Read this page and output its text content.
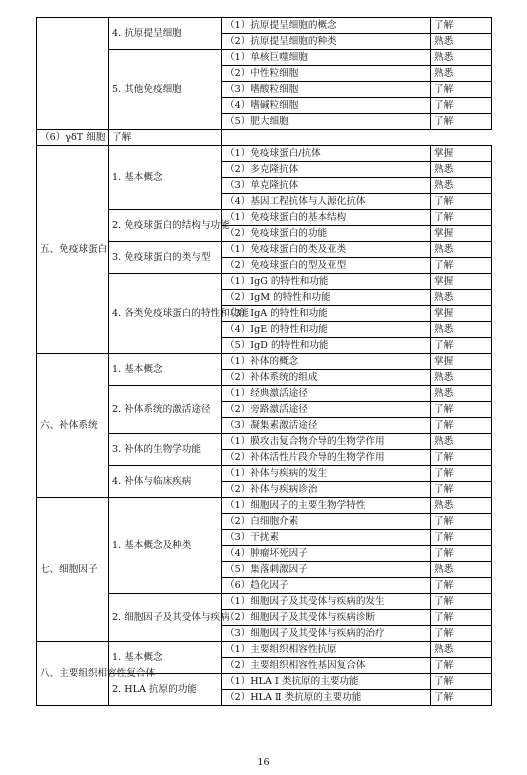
	4. 抗原提呈细胞	（1）抗原提呈细胞的概念	了解
		（2）抗原提呈细胞的种类	熟悉
	5. 其他免疫细胞	（1）单核巨噬细胞	熟悉
		（2）中性粒细胞	熟悉
		（3）嗜酸粒细胞	了解
		（4）嗜碱粒细胞	了解
		（5）肥大细胞	了解
（6）γδT 细胞	了解		
五、免疫球蛋白	1. 基本概念	（1）免疫球蛋白/抗体	掌握
		（2）多克隆抗体	熟悉
		（3）单克隆抗体	熟悉
		（4）基因工程抗体与人源化抗体	了解
	2. 免疫球蛋白的结构与功能	（1）免疫球蛋白的基本结构	了解
		（2）免疫球蛋白的功能	掌握
	3. 免疫球蛋白的类与型	（1）免疫球蛋白的类及亚类	熟悉
		（2）免疫球蛋白的型及亚型	了解
	4. 各类免疫球蛋白的特性和功能	（1）IgG 的特性和功能	掌握
		（2）IgM 的特性和功能	熟悉
		（3）IgA 的特性和功能	掌握
		（4）IgE 的特性和功能	熟悉
		（5）IgD 的特性和功能	了解
六、补体系统	1. 基本概念	（1）补体的概念	掌握
		（2）补体系统的组成	熟悉
	2. 补体系统的激活途径	（1）经典激活途径	熟悉
		（2）旁路激活途径	了解
		（3）凝集素激活途径	了解
	3. 补体的生物学功能	（1）膜攻击复合物介导的生物学作用	熟悉
		（2）补体活性片段介导的生物学作用	了解
	4. 补体与临床疾病	（1）补体与疾病的发生	了解
		（2）补体与疾病诊治	了解
七、细胞因子	1. 基本概念及种类	（1）细胞因子的主要生物学特性	熟悉
		（2）白细胞介素	了解
		（3）干扰素	了解
		（4）肿瘤坏死因子	了解
		（5）集落刺激因子	熟悉
		（6）趋化因子	了解
	2. 细胞因子及其受体与疾病	（1）细胞因子及其受体与疾病的发生	了解
		（2）细胞因子及其受体与疾病诊断	了解
		（3）细胞因子及其受体与疾病的治疗	了解
八、主要组织相容性复合体	1. 基本概念	（1）主要组织相容性抗原	熟悉
		（2）主要组织相容性基因复合体	了解
	2. HLA 抗原的功能	（1）HLA Ⅰ 类抗原的主要功能	了解
		（2）HLA Ⅱ 类抗原的主要功能	了解
16
